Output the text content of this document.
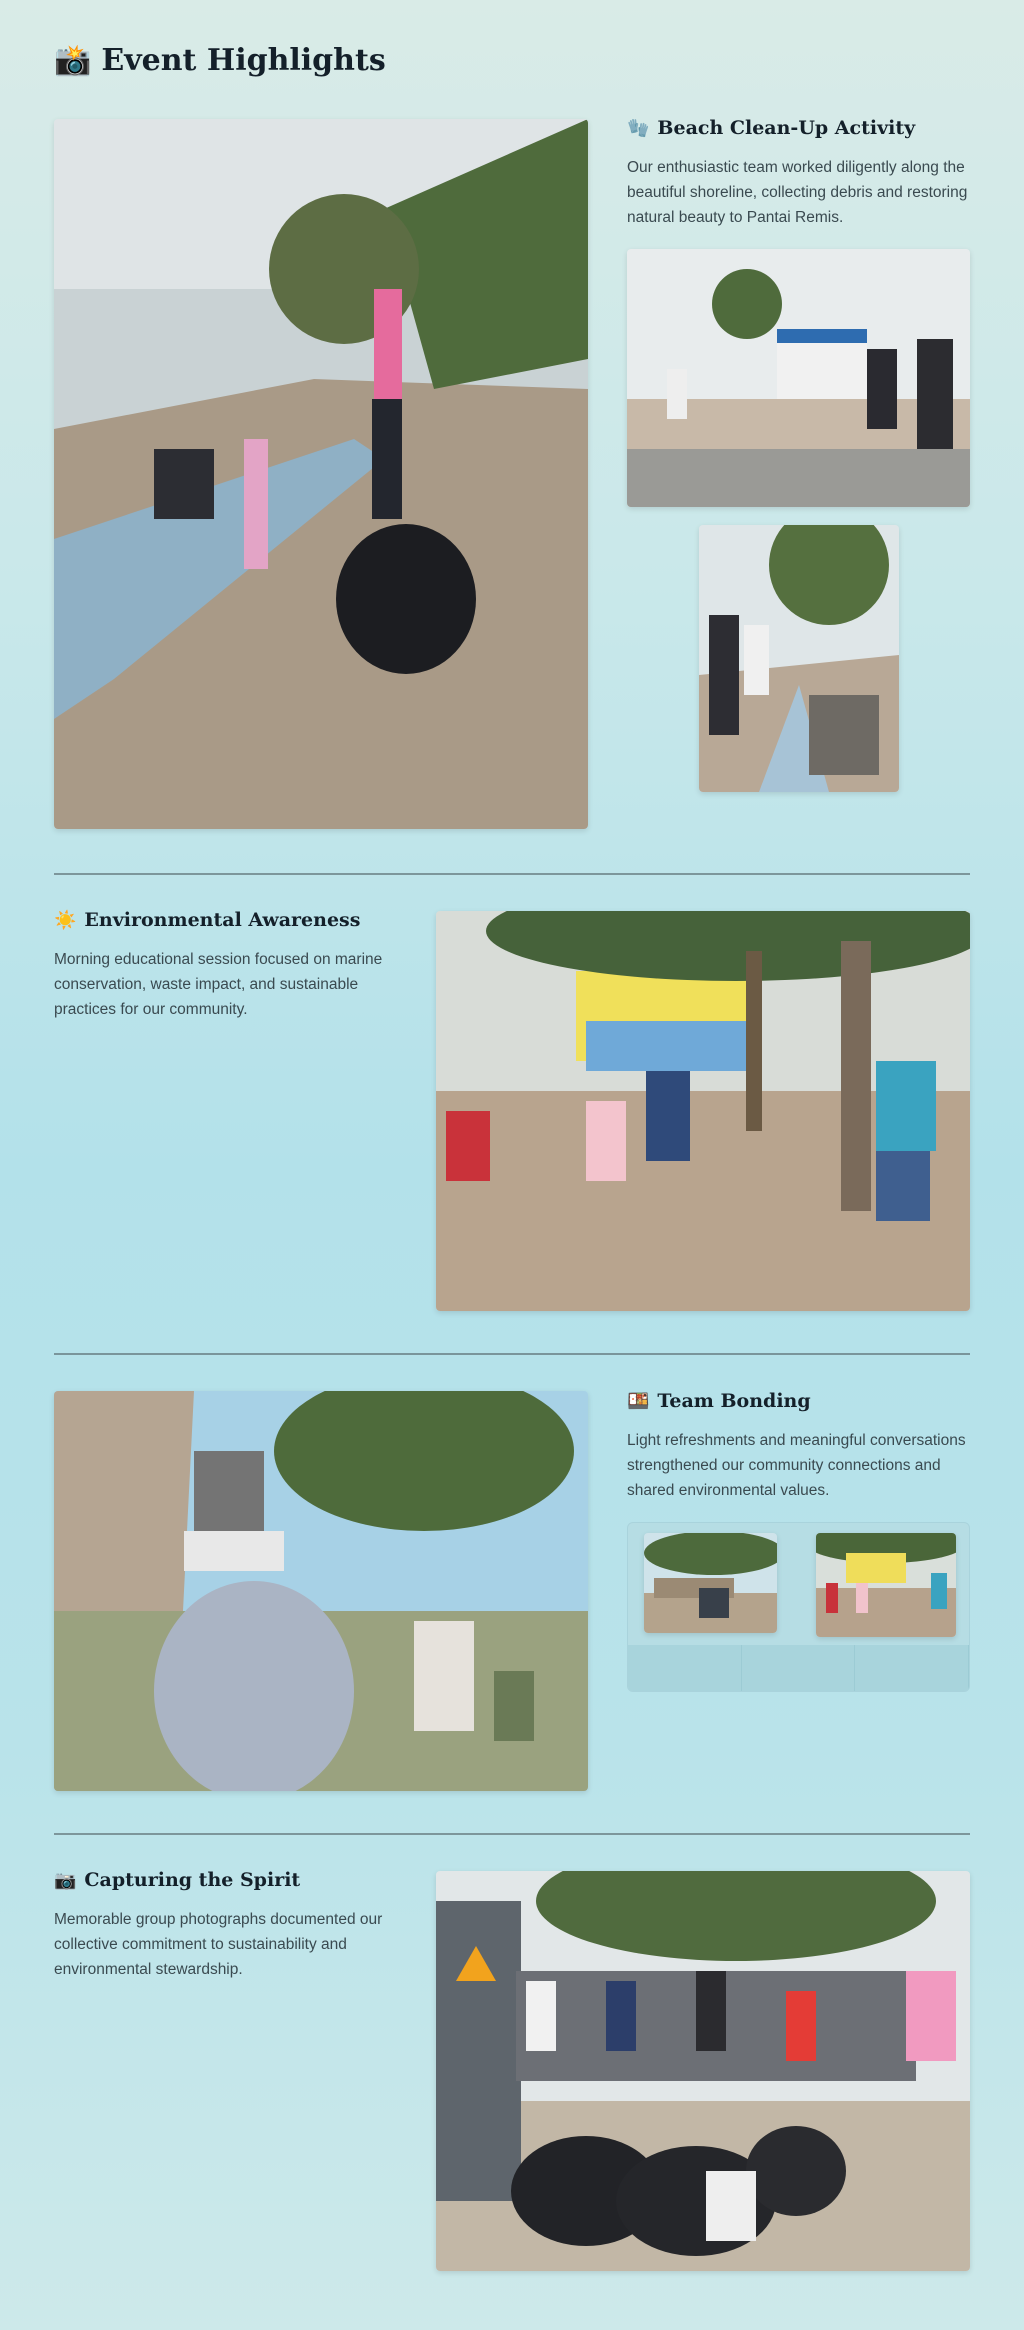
📸 Event Highlights
🧤 Beach Clean-Up Activity

Our enthusiastic team worked diligently along the beautiful shoreline, collecting debris and restoring natural beauty to Pantai Remis.

☀️ Environmental Awareness

Morning educational session focused on marine conservation, waste impact, and sustainable practices for our community.

🍱 Team Bonding

Light refreshments and meaningful conversations strengthened our community connections and shared environmental values.

📷 Capturing the Spirit

Memorable group photographs documented our collective commitment to sustainability and environmental stewardship.
